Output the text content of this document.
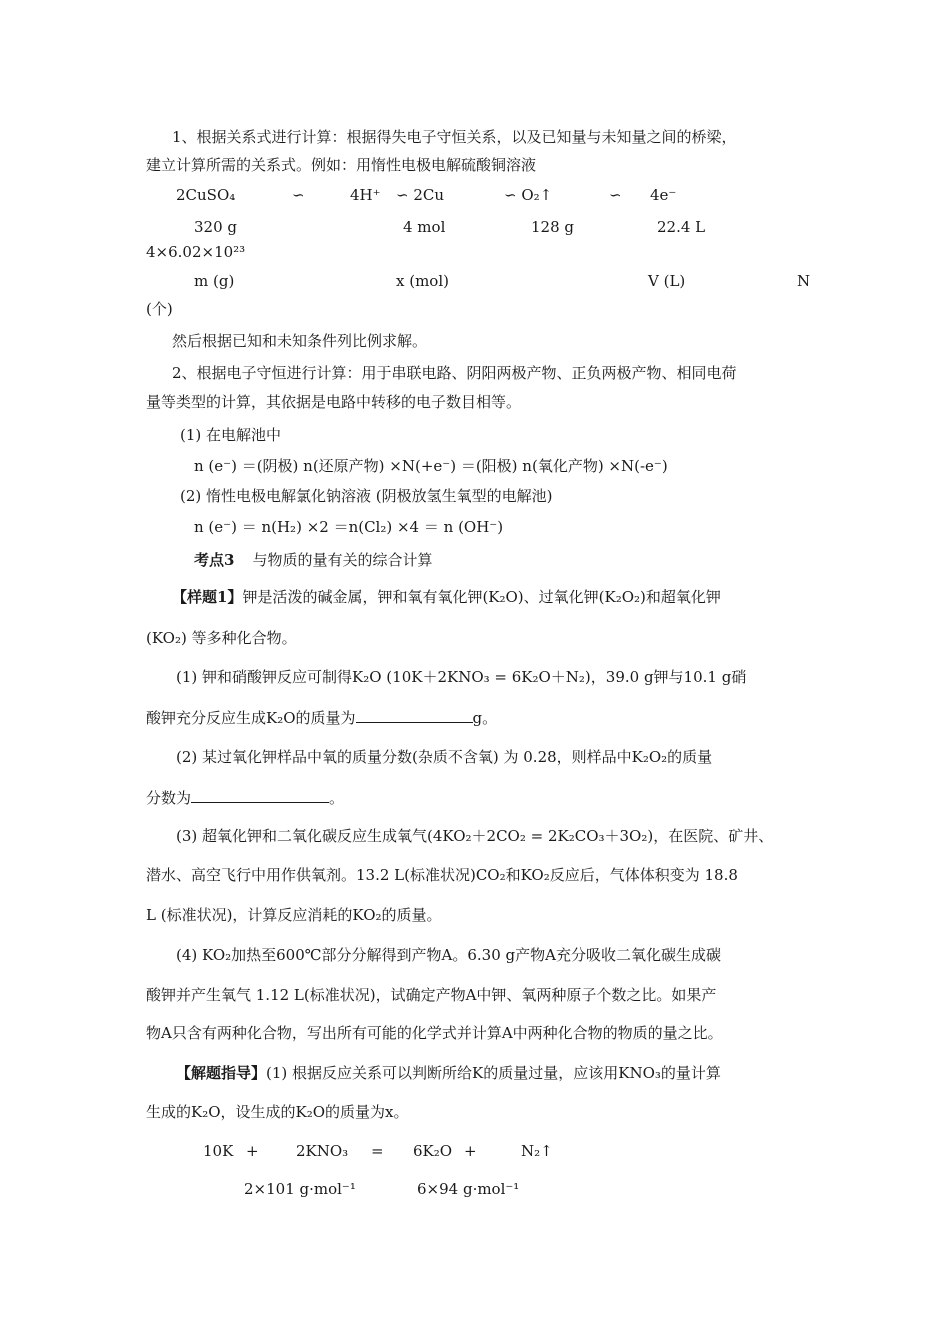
1、根据关系式进行计算：根据得失电子守恒关系，以及已知量与未知量之间的桥梁，
建立计算所需的关系式。例如：用惰性电极电解硫酸铜溶液
2CuSO₄	∽	4H⁺ ∽ 2Cu	∽ O₂↑	∽ 4e⁻
320 g	4 mol	128 g	22.4 L
4×6.02×10²³
m (g)	x (mol)	V (L)	N
(个)
然后根据已知和未知条件列比例求解。
2、根据电子守恒进行计算：用于串联电路、阴阳两极产物、正负两极产物、相同电荷
量等类型的计算，其依据是电路中转移的电子数目相等。
(1) 在电解池中
n (e⁻) ＝(阴极) n(还原产物) ×N(+e⁻) ＝(阳极) n(氧化产物) ×N(-e⁻)
(2) 惰性电极电解氯化钠溶液 (阴极放氢生氧型的电解池)
n (e⁻) ＝ n(H₂) ×2 ＝n(Cl₂) ×4 ＝ n (OH⁻)
考点3 与物质的量有关的综合计算
【样题1】钾是活泼的碱金属，钾和氧有氧化钾(K₂O)、过氧化钾(K₂O₂)和超氧化钾
(KO₂) 等多种化合物。
(1) 钾和硝酸钾反应可制得K₂O (10K＋2KNO₃ = 6K₂O＋N₂)，39.0 g钾与10.1 g硝
酸钾充分反应生成K₂O的质量为	g。
(2) 某过氧化钾样品中氧的质量分数(杂质不含氧) 为 0.28，则样品中K₂O₂的质量
分数为	。
(3) 超氧化钾和二氧化碳反应生成氧气(4KO₂＋2CO₂ = 2K₂CO₃＋3O₂)，在医院、矿井、
潜水、高空飞行中用作供氧剂。13.2 L(标准状况)CO₂和KO₂反应后，气体体积变为 18.8
L (标准状况)，计算反应消耗的KO₂的质量。
(4) KO₂加热至600℃部分分解得到产物A。6.30 g产物A充分吸收二氧化碳生成碳
酸钾并产生氧气 1.12 L(标准状况)，试确定产物A中钾、氧两种原子个数之比。如果产
物A只含有两种化合物，写出所有可能的化学式并计算A中两种化合物的物质的量之比。
【解题指导】(1) 根据反应关系可以判断所给K的质量过量，应该用KNO₃的量计算
生成的K₂O，设生成的K₂O的质量为x。
10K + 2KNO₃ = 6K₂O +	N₂↑
2×101 g·mol⁻¹	6×94 g·mol⁻¹
